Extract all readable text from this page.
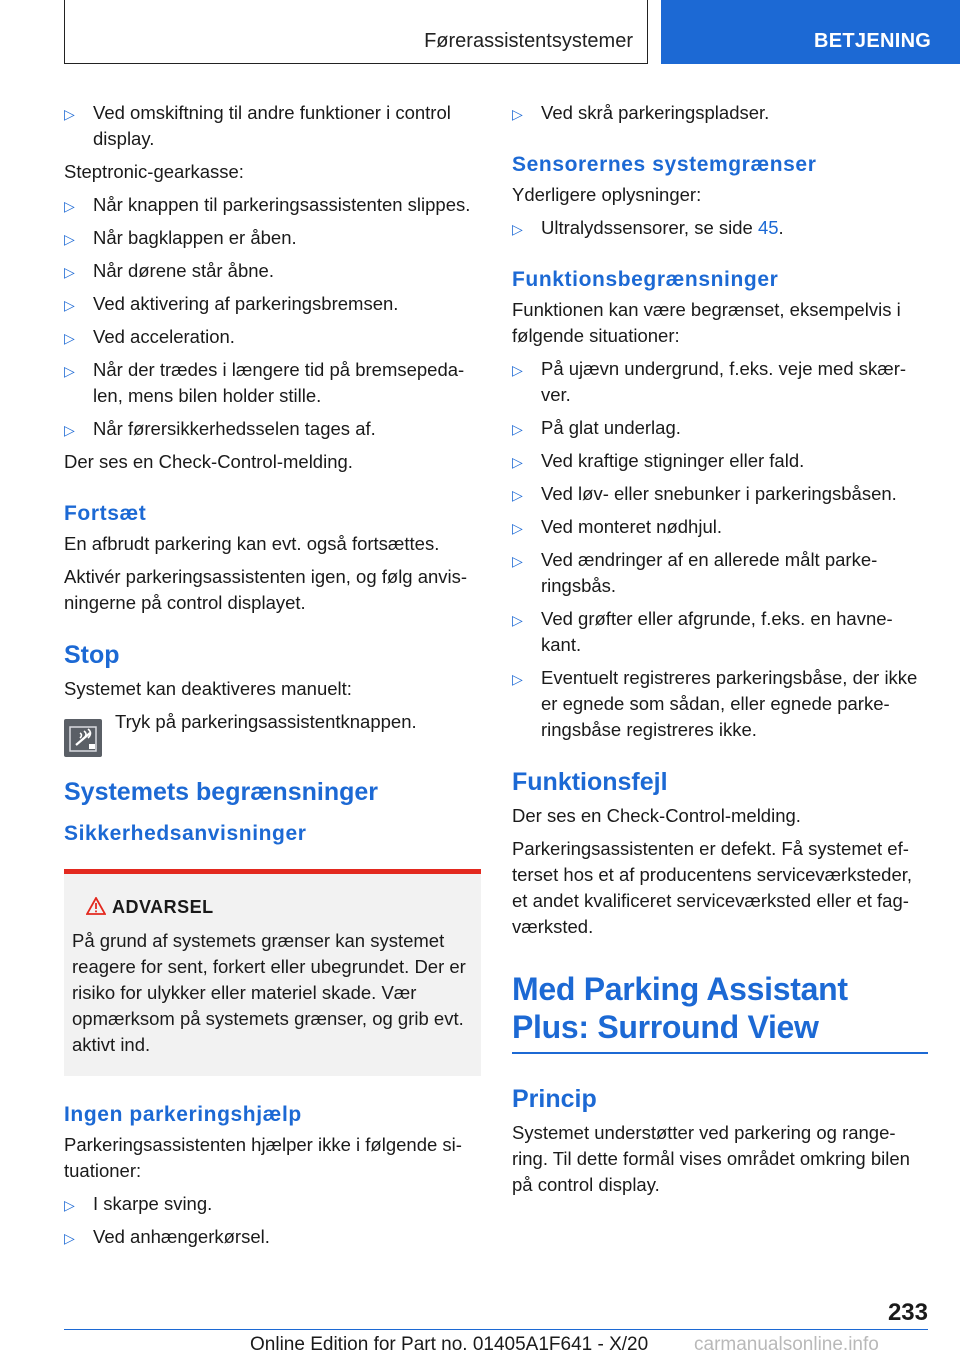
Førerassistentsystemer	BETJENING
▷ Ved omskiftning til andre funktioner i control display.

Steptronic-gearkasse:

▷ Når knappen til parkeringsassistenten slippes.
▷ Når bagklappen er åben.
▷ Når dørene står åbne.
▷ Ved aktivering af parkeringsbremsen.
▷ Ved acceleration.
▷ Når der trædes i længere tid på bremsepeda-len, mens bilen holder stille.
▷ Når førersikkerhedsselen tages af.

Der ses en Check-Control-melding.

Fortsæt

En afbrudt parkering kan evt. også fortsættes.

Aktivér parkeringsassistenten igen, og følg anvis-ningerne på control displayet.

Stop

Systemet kan deaktiveres manuelt:

Tryk på parkeringsassistentknappen.
Systemets begrænsninger
Sikkerhedsanvisninger
ADVARSEL
På grund af systemets grænser kan systemet reagere for sent, forkert eller ubegrundet. Der er risiko for ulykker eller materiel skade. Vær opmærksom på systemets grænser, og grib evt. aktivt ind.
Ingen parkeringshjælp

Parkeringsassistenten hjælper ikke i følgende si-tuationer:

▷ I skarpe sving.
▷ Ved anhængerkørsel.
▷ Ved skrå parkeringspladser.
Sensorernes systemgrænser

Yderligere oplysninger:

▷ Ultralydssensorer, se side 45.
Funktionsbegrænsninger

Funktionen kan være begrænset, eksempelvis i følgende situationer:

▷ På ujævn undergrund, f.eks. veje med skær-ver.
▷ På glat underlag.
▷ Ved kraftige stigninger eller fald.
▷ Ved løv- eller snebunker i parkeringsbåsen.
▷ Ved monteret nødhjul.
▷ Ved ændringer af en allerede målt parke-ringsbås.
▷ Ved grøfter eller afgrunde, f.eks. en havne-kant.
▷ Eventuelt registreres parkeringsbåse, der ikke er egnede som sådan, eller egnede parke-ringsbåse registreres ikke.
Funktionsfejl

Der ses en Check-Control-melding.

Parkeringsassistenten er defekt. Få systemet ef-terset hos et af producentens serviceværksteder, et andet kvalificeret serviceværksted eller et fag-værksted.

Med Parking Assistant
Plus: Surround View
Princip

Systemet understøtter ved parkering og range-ring. Til dette formål vises området omkring bilen på control display.

233
Online Edition for Part no. 01405A1F641 - X/20 carmanualsonline.info
